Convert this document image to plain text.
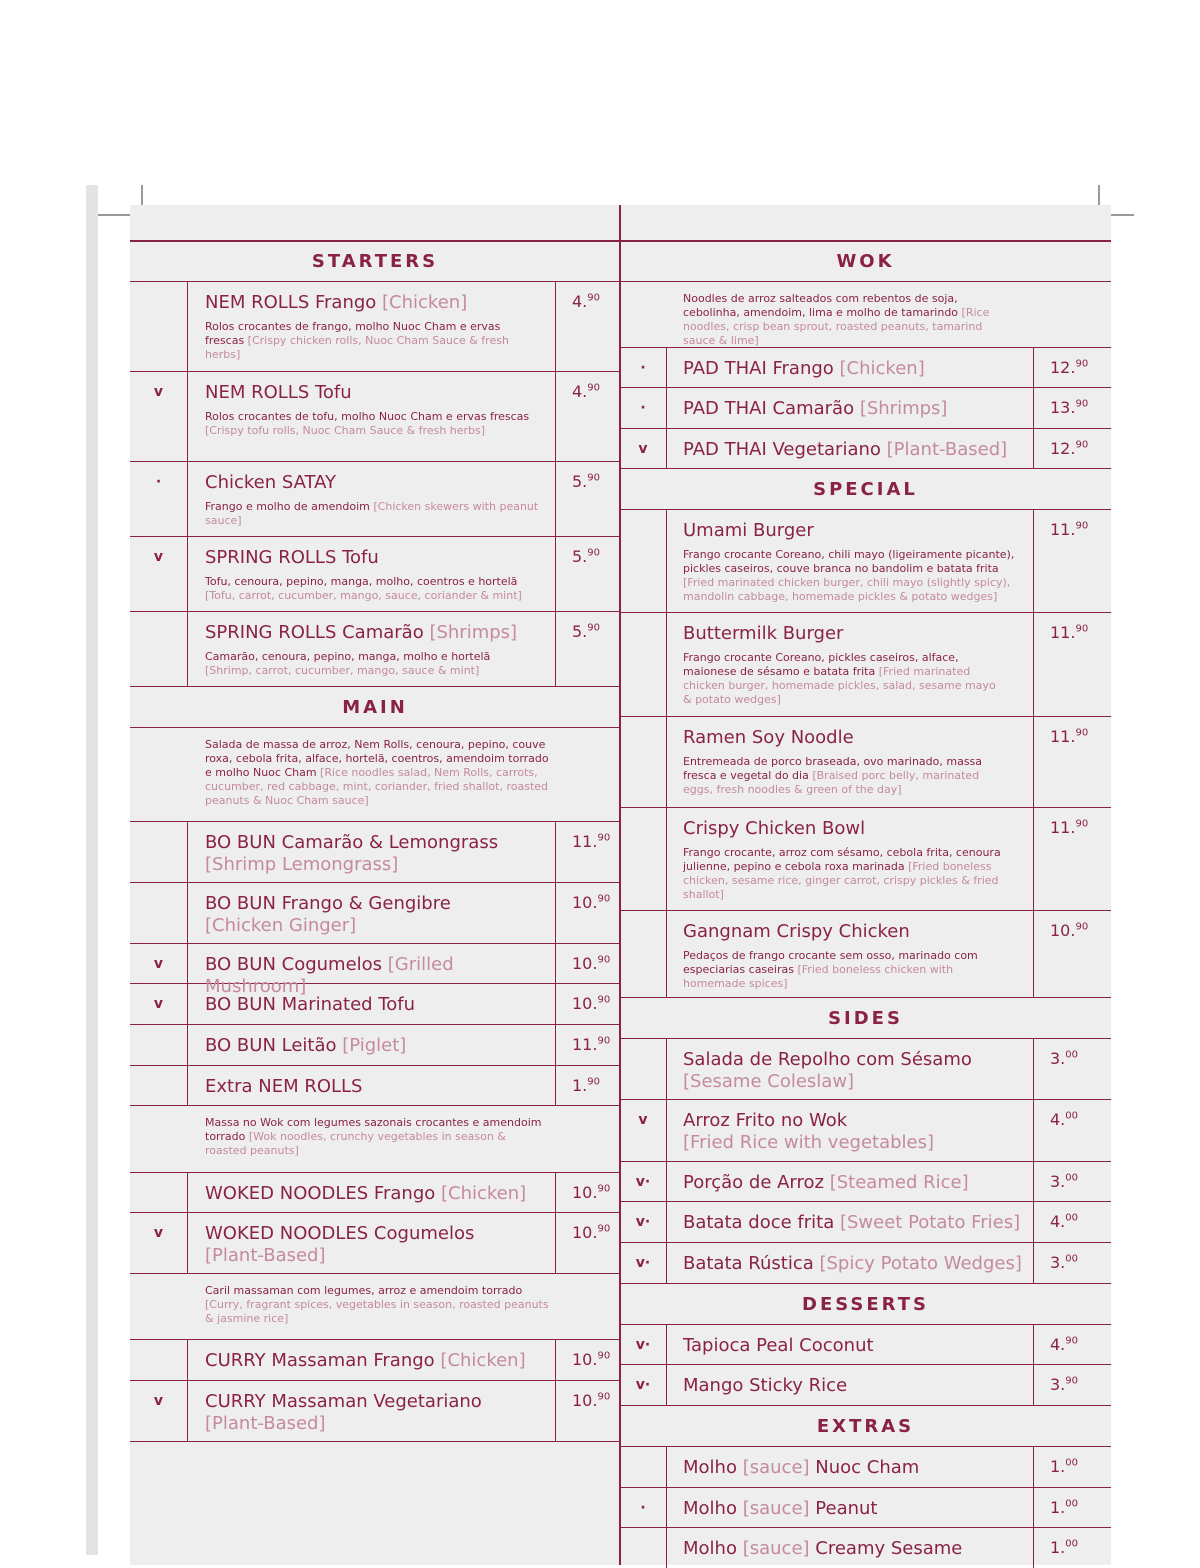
STARTERS
NEM ROLLS Frango [Chicken]
Rolos crocantes de frango, molho Nuoc Cham e ervas frescas [Crispy chicken rolls, Nuoc Cham Sauce & fresh herbs]
4.90
v	NEM ROLLS Tofu
Rolos crocantes de tofu, molho Nuoc Cham e ervas frescas [Crispy tofu rolls, Nuoc Cham Sauce & fresh herbs]
4.90
·	Chicken SATAY
Frango e molho de amendoim [Chicken skewers with peanut sauce]
5.90
v	SPRING ROLLS Tofu
Tofu, cenoura, pepino, manga, molho, coentros e hortelã [Tofu, carrot, cucumber, mango, sauce, coriander & mint]
5.90
SPRING ROLLS Camarão [Shrimps]
Camarão, cenoura, pepino, manga, molho e hortelã [Shrimp, carrot, cucumber, mango, sauce & mint]
5.90
MAIN
Salada de massa de arroz, Nem Rolls, cenoura, pepino, couve roxa, cebola frita, alface, hortelã, coentros, amendoim torrado e molho Nuoc Cham [Rice noodles salad, Nem Rolls, carrots, cucumber, red cabbage, mint, coriander, fried shallot, roasted peanuts & Nuoc Cham sauce]
BO BUN Camarão & Lemongrass
[Shrimp Lemongrass]
11.90
BO BUN Frango & Gengibre
[Chicken Ginger]
10.90
v	BO BUN Cogumelos [Grilled Mushroom]
10.90
v	BO BUN Marinated Tofu	10.90
BO BUN Leitão [Piglet]	11.90
Extra NEM ROLLS	1.90
Massa no Wok com legumes sazonais crocantes e amendoim torrado [Wok noodles, crunchy vegetables in season & roasted peanuts]
WOKED NOODLES Frango [Chicken]	10.90
v	WOKED NOODLES Cogumelos
[Plant-Based]
10.90
Caril massaman com legumes, arroz e amendoim torrado [Curry, fragrant spices, vegetables in season, roasted peanuts & jasmine rice]
CURRY Massaman Frango [Chicken]	10.90
v	CURRY Massaman Vegetariano
[Plant-Based]
10.90
WOK
Noodles de arroz salteados com rebentos de soja, cebolinha, amendoim, lima e molho de tamarindo [Rice noodles, crisp bean sprout, roasted peanuts, tamarind sauce & lime]
·	PAD THAI Frango [Chicken]	12.90
·	PAD THAI Camarão [Shrimps]	13.90
v	PAD THAI Vegetariano [Plant-Based]	12.90
SPECIAL
Umami Burger
Frango crocante Coreano, chili mayo (ligeiramente picante), pickles caseiros, couve branca no bandolim e batata frita [Fried marinated chicken burger, chili mayo (slightly spicy), mandolin cabbage, homemade pickles & potato wedges]
11.90
Buttermilk Burger
Frango crocante Coreano, pickles caseiros, alface, maionese de sésamo e batata frita [Fried marinated chicken burger, homemade pickles, salad, sesame mayo & potato wedges]
11.90
Ramen Soy Noodle
Entremeada de porco braseada, ovo marinado, massa fresca e vegetal do dia [Braised porc belly, marinated eggs, fresh noodles & green of the day]
11.90
Crispy Chicken Bowl
Frango crocante, arroz com sésamo, cebola frita, cenoura julienne, pepino e cebola roxa marinada [Fried boneless chicken, sesame rice, ginger carrot, crispy pickles & fried shallot]
11.90
Gangnam Crispy Chicken
Pedaços de frango crocante sem osso, marinado com especiarias caseiras [Fried boneless chicken with homemade spices]
10.90
SIDES
Salada de Repolho com Sésamo
[Sesame Coleslaw]
3.00
v	Arroz Frito no Wok
[Fried Rice with vegetables]
4.00
v·	Porção de Arroz [Steamed Rice]	3.00
v·	Batata doce frita [Sweet Potato Fries]	4.00
v·	Batata Rústica [Spicy Potato Wedges]	3.00
DESSERTS
v·	Tapioca Peal Coconut	4.90
v·	Mango Sticky Rice	3.90
EXTRAS
Molho [sauce] Nuoc Cham	1.00
·	Molho [sauce] Peanut	1.00
Molho [sauce] Creamy Sesame	1.00
